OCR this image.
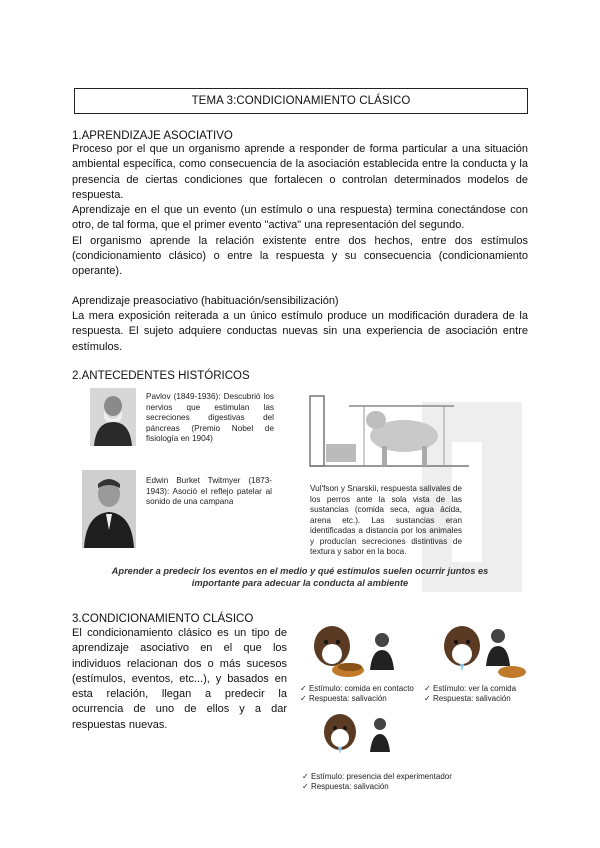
TEMA 3:CONDICIONAMIENTO CLÁSICO
1.APRENDIZAJE ASOCIATIVO
Proceso por el que un organismo aprende a responder de forma particular a una situación ambiental específica, como consecuencia de la asociación establecida entre la conducta y la presencia de ciertas condiciones que fortalecen o controlan determinados modelos de respuesta.
Aprendizaje en el que un evento (un estímulo o una respuesta) termina conectándose con otro, de tal forma, que el primer evento "activa" una representación del segundo.
El organismo aprende la relación existente entre dos hechos, entre dos estímulos (condicionamiento clásico) o entre la respuesta y su consecuencia (condicionamiento operante).
Aprendizaje preasociativo (habituación/sensibilización)
La mera exposición reiterada a un único estímulo produce un modificación duradera de la respuesta. El sujeto adquiere conductas nuevas sin una experiencia de asociación entre estímulos.
2.ANTECEDENTES HISTÓRICOS
Pavlov (1849-1936): Descubrió los nervios que estimulan las secreciones digestivas del páncreas (Premio Nobel de fisiología en 1904)
Edwin Burket Twitmyer (1873-1943): Asoció el reflejo patelar al sonido de una campana
Vul'fson y Snarskii, respuesta salivales de los perros ante la sola vista de las sustancias (comida seca, agua ácida, arena etc.). Las sustancias eran identificadas a distancia por los animales y producían secreciones distintivas de textura y sabor en la boca.
Aprender a predecir los eventos en el medio y qué estímulos suelen ocurrir juntos es
importante para adecuar la conducta al ambiente
3.CONDICIONAMIENTO CLÁSICO
El condicionamiento clásico es un tipo de aprendizaje asociativo en el que los individuos relacionan dos o más sucesos (estímulos, eventos, etc...), y basados en esta relación, llegan a predecir la ocurrencia de uno de ellos y a dar respuestas nuevas.
✓ Estímulo: comida en contacto
✓ Respuesta: salivación
✓ Estímulo: ver la comida
✓ Respuesta: salivación
✓ Estímulo: presencia del experimentador
✓ Respuesta: salivación
